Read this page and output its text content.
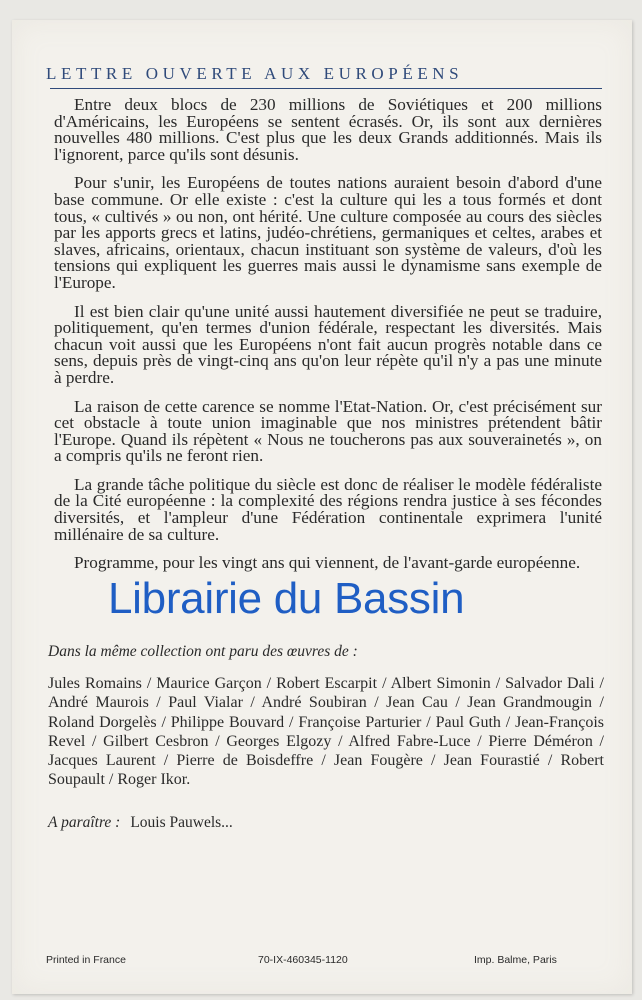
LETTRE OUVERTE AUX EUROPÉENS

Entre deux blocs de 230 millions de Soviétiques et 200 millions d'Américains, les Européens se sentent écrasés. Or, ils sont aux dernières nouvelles 480 millions. C'est plus que les deux Grands additionnés. Mais ils l'ignorent, parce qu'ils sont désunis.

Pour s'unir, les Européens de toutes nations auraient besoin d'abord d'une base commune. Or elle existe : c'est la culture qui les a tous formés et dont tous, « cultivés » ou non, ont hérité. Une culture composée au cours des siècles par les apports grecs et latins, judéo-chrétiens, germaniques et celtes, arabes et slaves, africains, orientaux, chacun instituant son système de valeurs, d'où les tensions qui expliquent les guerres mais aussi le dynamisme sans exemple de l'Europe.

Il est bien clair qu'une unité aussi hautement diversifiée ne peut se traduire, politiquement, qu'en termes d'union fédérale, respectant les diversités. Mais chacun voit aussi que les Européens n'ont fait aucun progrès notable dans ce sens, depuis près de vingt-cinq ans qu'on leur répète qu'il n'y a pas une minute à perdre.

La raison de cette carence se nomme l'Etat-Nation. Or, c'est précisément sur cet obstacle à toute union imaginable que nos ministres prétendent bâtir l'Europe. Quand ils répètent « Nous ne toucherons pas aux souverainetés », on a compris qu'ils ne feront rien.

La grande tâche politique du siècle est donc de réaliser le modèle fédéraliste de la Cité européenne : la complexité des régions rendra justice à ses fécondes diversités, et l'ampleur d'une Fédération continentale exprimera l'unité millénaire de sa culture.

Programme, pour les vingt ans qui viennent, de l'avant-garde européenne.

Dans la même collection ont paru des œuvres de :
Jules Romains / Maurice Garçon / Robert Escarpit / Albert Simonin / Salvador Dali / André Maurois / Paul Vialar / André Soubiran / Jean Cau / Jean Grandmougin / Roland Dorgelès / Philippe Bouvard / Françoise Parturier / Paul Guth / Jean-François Revel / Gilbert Cesbron / Georges Elgozy / Alfred Fabre-Luce / Pierre Déméron / Jacques Laurent / Pierre de Boisdeffre / Jean Fougère / Jean Fourastié / Robert Soupault / Roger Ikor.
A paraître : Louis Pauwels...
Printed in France	70-IX-460345-1120	Imp. Balme, Paris
Librairie du Bassin
